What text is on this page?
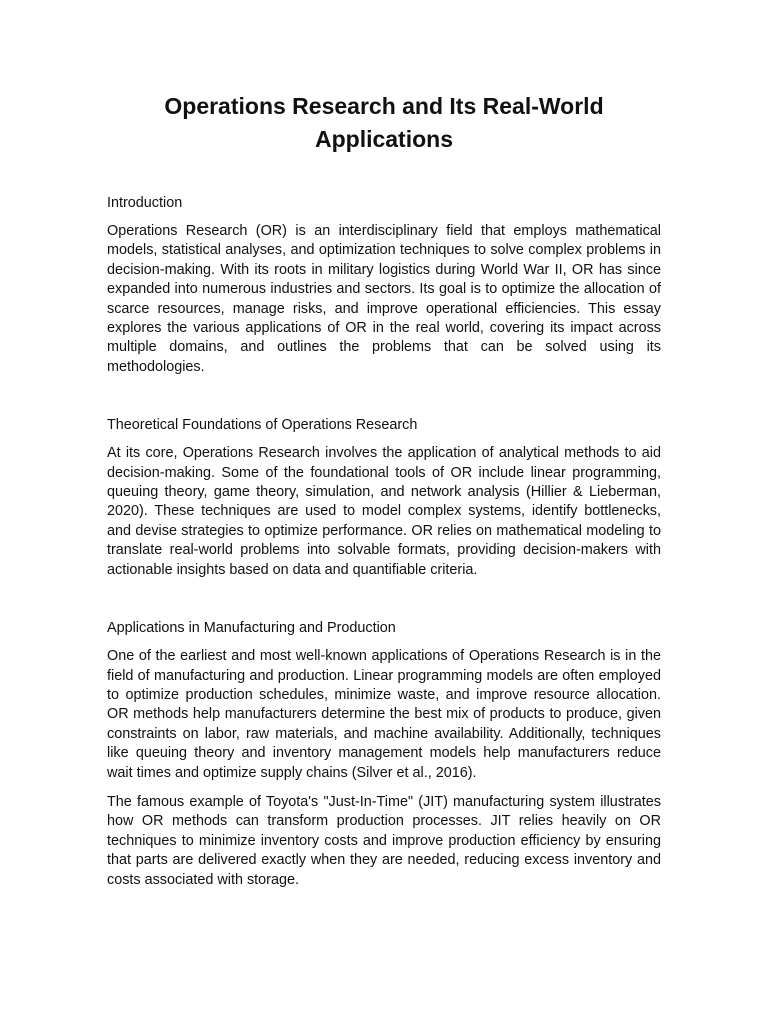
Operations Research and Its Real-World Applications
Introduction

Operations Research (OR) is an interdisciplinary field that employs mathematical models, statistical analyses, and optimization techniques to solve complex problems in decision-making. With its roots in military logistics during World War II, OR has since expanded into numerous industries and sectors. Its goal is to optimize the allocation of scarce resources, manage risks, and improve operational efficiencies. This essay explores the various applications of OR in the real world, covering its impact across multiple domains, and outlines the problems that can be solved using its methodologies.

Theoretical Foundations of Operations Research

At its core, Operations Research involves the application of analytical methods to aid decision-making. Some of the foundational tools of OR include linear programming, queuing theory, game theory, simulation, and network analysis (Hillier & Lieberman, 2020). These techniques are used to model complex systems, identify bottlenecks, and devise strategies to optimize performance. OR relies on mathematical modeling to translate real-world problems into solvable formats, providing decision-makers with actionable insights based on data and quantifiable criteria.

Applications in Manufacturing and Production

One of the earliest and most well-known applications of Operations Research is in the field of manufacturing and production. Linear programming models are often employed to optimize production schedules, minimize waste, and improve resource allocation. OR methods help manufacturers determine the best mix of products to produce, given constraints on labor, raw materials, and machine availability. Additionally, techniques like queuing theory and inventory management models help manufacturers reduce wait times and optimize supply chains (Silver et al., 2016).

The famous example of Toyota's "Just-In-Time" (JIT) manufacturing system illustrates how OR methods can transform production processes. JIT relies heavily on OR techniques to minimize inventory costs and improve production efficiency by ensuring that parts are delivered exactly when they are needed, reducing excess inventory and costs associated with storage.
